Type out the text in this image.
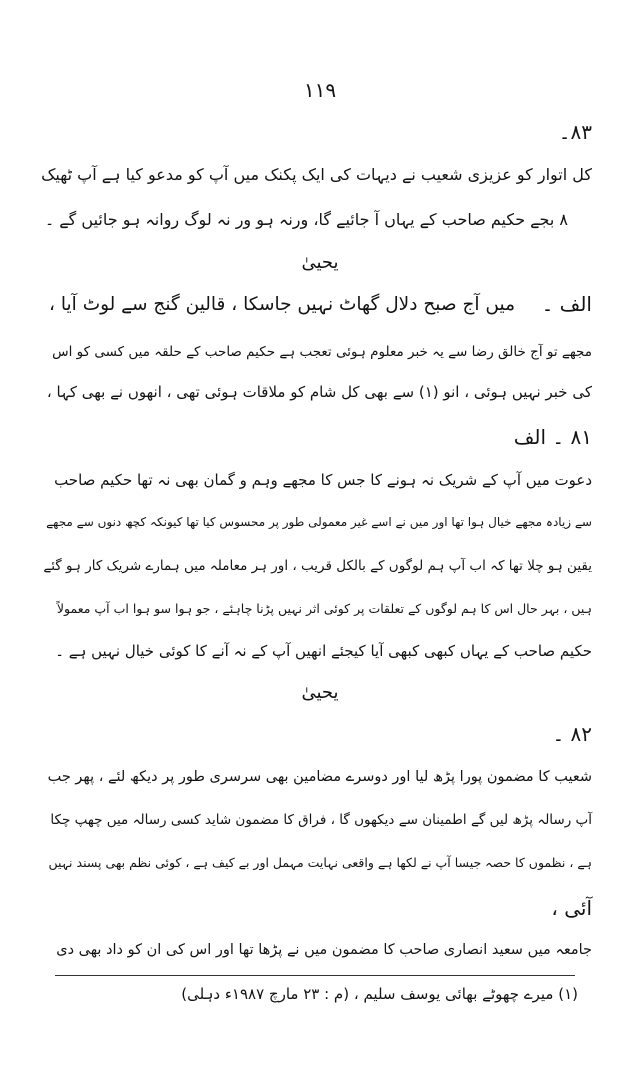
۱۱۹
۸۳۔
کل اتوار کو عزیزی شعیب نے دیہات کی ایک پکنک میں آپ کو مدعو کیا ہے آپ ٹھیک
۸ بجے حکیم صاحب کے یہاں آ جائیے گا، ورنہ ہو ور نہ لوگ روانہ ہو جائیں گے ۔
یحییٰ
الف ۔
میں آج صبح دلال گھاٹ نہیں جاسکا ، قالین گنج سے لوٹ آیا ،
مجھے تو آج خالق رضا سے یہ خبر معلوم ہوئی تعجب ہے حکیم صاحب کے حلقہ میں کسی کو اس
کی خبر نہیں ہوئی ، انو (۱) سے بھی کل شام کو ملاقات ہوئی تھی ، انھوں نے بھی کہا ،
۸۱ ۔ الف
دعوت میں آپ کے شریک نہ ہونے کا جس کا مجھے وہم و گمان بھی نہ تھا حکیم صاحب
سے زیادہ مجھے خیال ہوا تھا اور میں نے اسے غیر معمولی طور پر محسوس کیا تھا کیونکہ کچھ دنوں سے مجھے
یقین ہو چلا تھا کہ اب آپ ہم لوگوں کے بالکل قریب ، اور ہر معاملہ میں ہمارے شریک کار ہو گئے
ہیں ، بہر حال اس کا ہم لوگوں کے تعلقات پر کوئی اثر نہیں پڑنا چاہئے ، جو ہوا سو ہوا اب آپ معمولاً
حکیم صاحب کے یہاں کبھی کبھی آیا کیجئے انھیں آپ کے نہ آنے کا کوئی خیال نہیں ہے ۔
یحییٰ
۸۲ ۔
شعیب کا مضمون پورا پڑھ لیا اور دوسرے مضامین بھی سرسری طور پر دیکھ لئے ، پھر جب
آپ رسالہ پڑھ لیں گے اطمینان سے دیکھوں گا ، فراق کا مضمون شاید کسی رسالہ میں چھپ چکا
ہے ، نظموں کا حصہ جیسا آپ نے لکھا ہے واقعی نہایت مہمل اور بے کیف ہے ، کوئی نظم بھی پسند نہیں
آئی ،
جامعہ میں سعید انصاری صاحب کا مضمون میں نے پڑھا تھا اور اس کی ان کو داد بھی دی
(۱) میرے چھوٹے بھائی یوسف سلیم ، (م : ۲۳ مارچ ۱۹۸۷ء دہلی)
